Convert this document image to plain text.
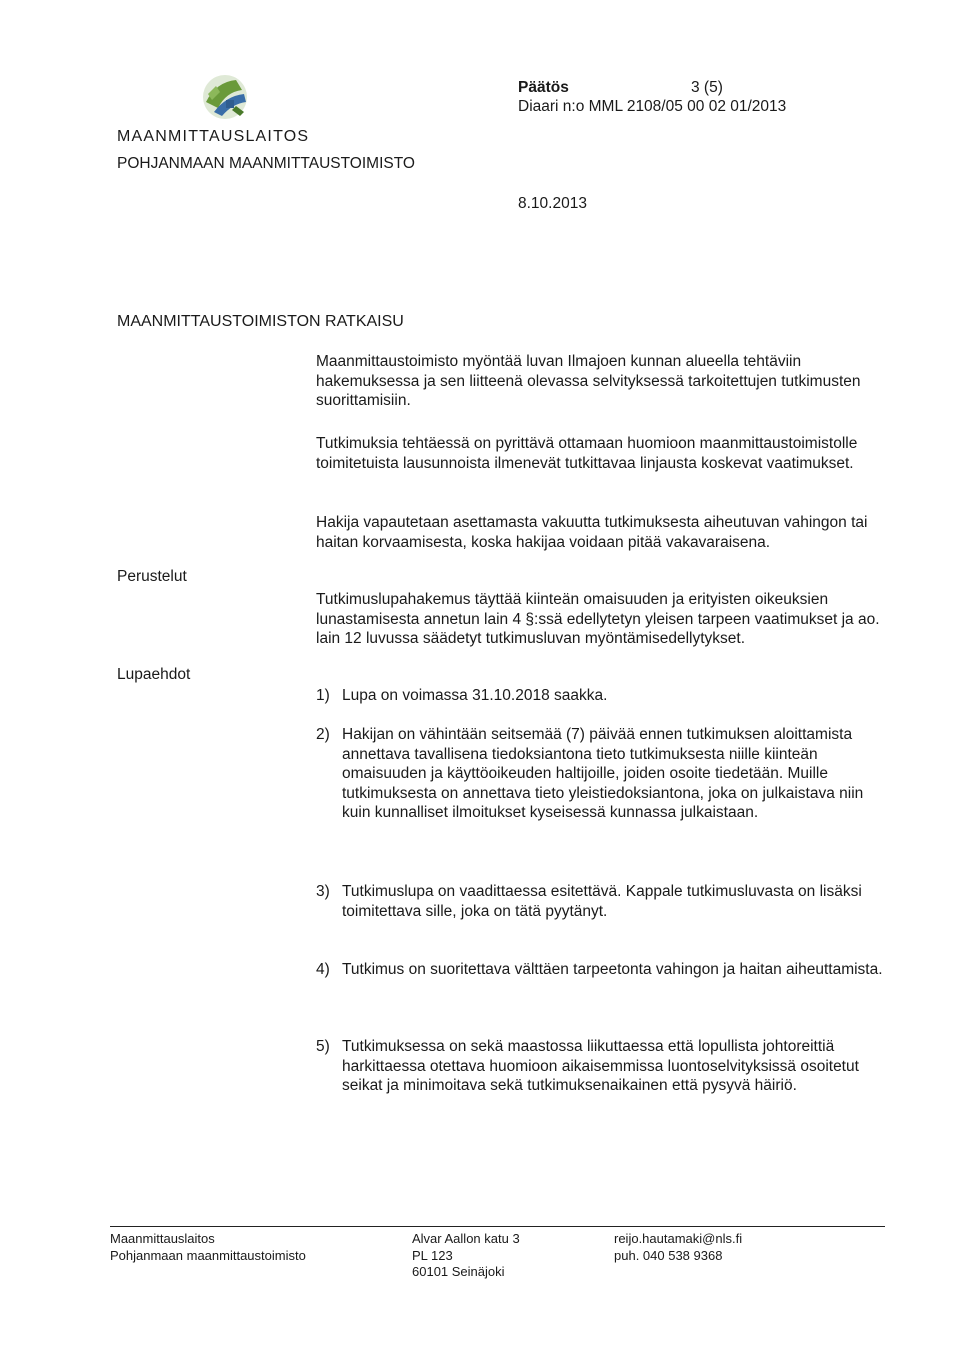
MAANMITTAUSLAITOS
POHJANMAAN MAANMITTAUSTOIMISTO
Päätös	3 (5)
Diaari n:o MML 2108/05 00 02 01/2013
8.10.2013
MAANMITTAUSTOIMISTON RATKAISU
Maanmittaustoimisto myöntää luvan Ilmajoen kunnan alueella tehtäviin hakemuksessa ja sen liitteenä olevassa selvityksessä tarkoitettujen tutkimusten suorittamisiin.
Tutkimuksia tehtäessä on pyrittävä ottamaan huomioon maanmittaustoimistolle toimitetuista lausunnoista ilmenevät tutkittavaa linjausta koskevat vaatimukset.
Hakija vapautetaan asettamasta vakuutta tutkimuksesta aiheutuvan vahingon tai haitan korvaamisesta, koska hakijaa voidaan pitää vakavaraisena.
Perustelut
Tutkimuslupahakemus täyttää kiinteän omaisuuden ja erityisten oikeuksien lunastamisesta annetun lain 4 §:ssä edellytetyn yleisen tarpeen vaatimukset ja ao. lain 12 luvussa säädetyt tutkimusluvan myöntämisedellytykset.
Lupaehdot
1) Lupa on voimassa 31.10.2018 saakka.
2) Hakijan on vähintään seitsemää (7) päivää ennen tutkimuksen aloittamista annettava tavallisena tiedoksiantona tieto tutkimuksesta niille kiinteän omaisuuden ja käyttöoikeuden haltijoille, joiden osoite tiedetään. Muille tutkimuksesta on annettava tieto yleistiedoksiantona, joka on julkaistava niin kuin kunnalliset ilmoitukset kyseisessä kunnassa julkaistaan.
3) Tutkimuslupa on vaadittaessa esitettävä. Kappale tutkimusluvasta on lisäksi toimitettava sille, joka on tätä pyytänyt.
4) Tutkimus on suoritettava välttäen tarpeetonta vahingon ja haitan aiheuttamista.
5) Tutkimuksessa on sekä maastossa liikuttaessa että lopullista johtoreittiä harkittaessa otettava huomioon aikaisemmissa luontoselvityksissä osoitetut seikat ja minimoitava sekä tutkimuksenaikainen että pysyvä häiriö.
Maanmittauslaitos
Pohjanmaan maanmittaustoimisto
Alvar Aallon katu 3
PL 123
60101 Seinäjoki
reijo.hautamaki@nls.fi
puh. 040 538 9368
